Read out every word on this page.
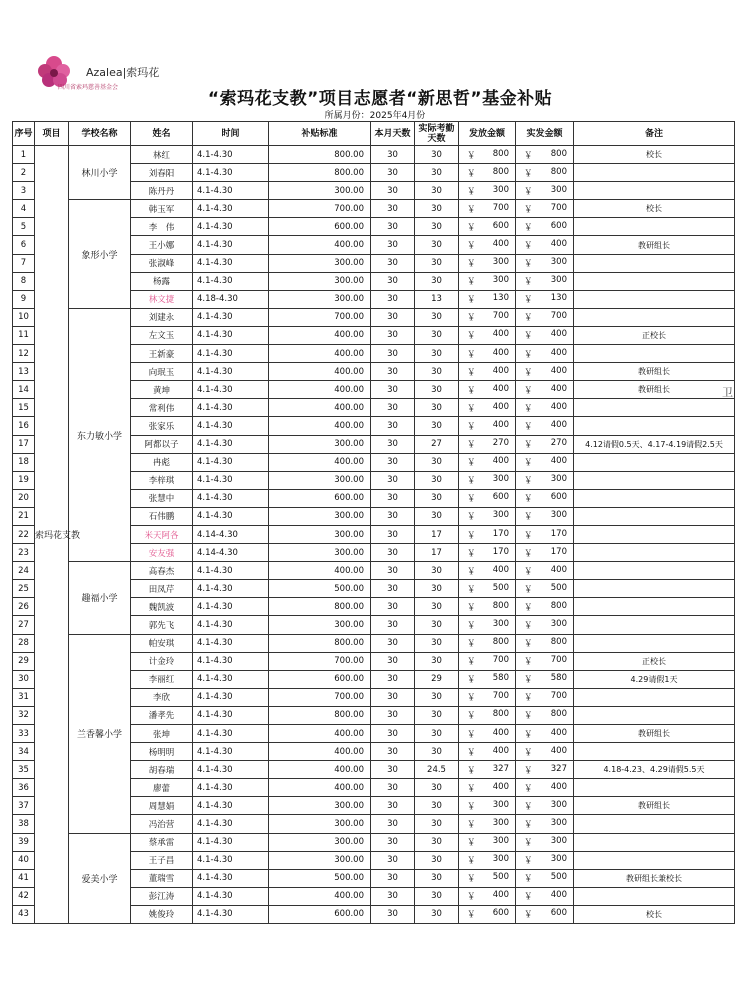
Azalea|索玛花
四川省索玛慈善基金会
“索玛花支教”项目志愿者“新思哲”基金补贴
所属月份：2025年4月份
序号	项目	学校名称	姓名	时间	补贴标准	本月天数	实际考勤天数	发放金额	实发金额	备注
1	索玛花支教	林川小学	林红	4.1-4.30	800.00	30	30	￥ 800	￥ 800	校长
2			刘春阳	4.1-4.30	800.00	30	30	￥ 800	￥ 800	

3			陈丹丹	4.1-4.30	300.00	30	30	￥ 300	￥ 300	

4		象形小学	韩玉军	4.1-4.30	700.00	30	30	￥ 700	￥ 700	校长
5			李　伟	4.1-4.30	600.00	30	30	￥ 600	￥ 600	

6			王小娜	4.1-4.30	400.00	30	30	￥ 400	￥ 400	教研组长
7			张淑峰	4.1-4.30	300.00	30	30	￥ 300	￥ 300	

8			杨露	4.1-4.30	300.00	30	30	￥ 300	￥ 300	

9			林文捷	4.18-4.30	300.00	30	13	￥ 130	￥ 130	

10		东力敏小学	刘建永	4.1-4.30	700.00	30	30	￥ 700	￥ 700	

11			左文玉	4.1-4.30	400.00	30	30	￥ 400	￥ 400	正校长
12			王新豪	4.1-4.30	400.00	30	30	￥ 400	￥ 400	

13			向珉玉	4.1-4.30	400.00	30	30	￥ 400	￥ 400	教研组长
14			黄坤	4.1-4.30	400.00	30	30	￥ 400	￥ 400	教研组长
15			常利伟	4.1-4.30	400.00	30	30	￥ 400	￥ 400	

16			张家乐	4.1-4.30	400.00	30	30	￥ 400	￥ 400	

17			阿都以子	4.1-4.30	300.00	30	27	￥ 270	￥ 270	4.12请假0.5天、4.17-4.19请假2.5天
18			冉彪	4.1-4.30	400.00	30	30	￥ 400	￥ 400	

19			李梓琪	4.1-4.30	300.00	30	30	￥ 300	￥ 300	

20			张慧中	4.1-4.30	600.00	30	30	￥ 600	￥ 600	

21			石伟鹏	4.1-4.30	300.00	30	30	￥ 300	￥ 300	

22			米天阿各	4.14-4.30	300.00	30	17	￥ 170	￥ 170	

23			安友强	4.14-4.30	300.00	30	17	￥ 170	￥ 170	

24		趣福小学	高春杰	4.1-4.30	400.00	30	30	￥ 400	￥ 400	

25			田凤芹	4.1-4.30	500.00	30	30	￥ 500	￥ 500	

26			魏凯波	4.1-4.30	800.00	30	30	￥ 800	￥ 800	

27			郭先飞	4.1-4.30	300.00	30	30	￥ 300	￥ 300	

28		兰香馨小学	帕安琪	4.1-4.30	800.00	30	30	￥ 800	￥ 800	

29			计金玲	4.1-4.30	700.00	30	30	￥ 700	￥ 700	正校长
30			李丽红	4.1-4.30	600.00	30	29	￥ 580	￥ 580	4.29请假1天
31			李欣	4.1-4.30	700.00	30	30	￥ 700	￥ 700	

32			潘孝先	4.1-4.30	800.00	30	30	￥ 800	￥ 800	

33			张坤	4.1-4.30	400.00	30	30	￥ 400	￥ 400	教研组长
34			杨明明	4.1-4.30	400.00	30	30	￥ 400	￥ 400	

35			胡春瑞	4.1-4.30	400.00	30	24.5	￥ 327	￥ 327	4.18-4.23、4.29请假5.5天
36			廖蕾	4.1-4.30	400.00	30	30	￥ 400	￥ 400	

37			周慧娟	4.1-4.30	300.00	30	30	￥ 300	￥ 300	教研组长
38			冯治营	4.1-4.30	300.00	30	30	￥ 300	￥ 300	

39		爱美小学	蔡承雷	4.1-4.30	300.00	30	30	￥ 300	￥ 300	

40			王子昌	4.1-4.30	300.00	30	30	￥ 300	￥ 300	

41			董瑞雪	4.1-4.30	500.00	30	30	￥ 500	￥ 500	教研组长兼校长
42			彭江涛	4.1-4.30	400.00	30	30	￥ 400	￥ 400	

43			姚俊玲	4.1-4.30	600.00	30	30	￥ 600	￥ 600	校长
卫
